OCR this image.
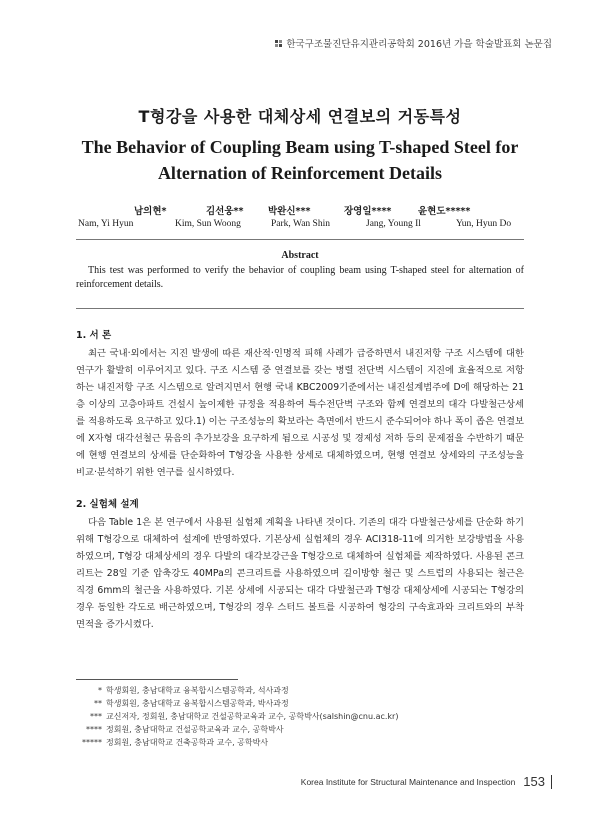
한국구조물진단유지관리공학회 2016년 가을 학술발표회 논문집
T형강을 사용한 대체상세 연결보의 거동특성
The Behavior of Coupling Beam using T-shaped Steel for
Alternation of Reinforcement Details
남의현*	김선웅**	박완신***	장영일****	윤현도*****
Nam, Yi Hyun	Kim, Sun Woong	Park, Wan Shin	Jang, Young Il	Yun, Hyun Do
Abstract

This test was performed to verify the behavior of coupling beam using T-shaped steel for alternation of reinforcement details.

1. 서 론

최근 국내·외에서는 지진 발생에 따른 재산적·인명적 피해 사례가 급증하면서 내진저항 구조 시스템에 대한 연구가 활발히 이루어지고 있다. 구조 시스템 중 연결보를 갖는 병렬 전단벽 시스템이 지진에 효율적으로 저항하는 내진저항 구조 시스템으로 알려지면서 현행 국내 KBC2009기준에서는 내진설계범주에 D에 해당하는 21층 이상의 고층아파트 건설시 높이제한 규정을 적용하여 특수전단벽 구조와 함께 연결보의 대각 다발철근상세를 적용하도록 요구하고 있다.1) 이는 구조성능의 확보라는 측면에서 반드시 준수되어야 하나 폭이 좁은 연결보에 X자형 대각선철근 묶음의 추가보강을 요구하게 됨으로 시공성 및 경제성 저하 등의 문제점을 수반하기 때문에 현행 연결보의 상세를 단순화하여 T형강을 사용한 상세로 대체하였으며, 현행 연결보 상세와의 구조성능을 비교·분석하기 위한 연구를 실시하였다.

2. 실험체 설계

다음 Table 1은 본 연구에서 사용된 실험체 계획을 나타낸 것이다. 기존의 대각 다발철근상세를 단순화 하기 위해 T형강으로 대체하여 설계에 반영하였다. 기본상세 실험체의 경우 ACI318-11에 의거한 보강방법을 사용하였으며, T형강 대체상세의 경우 다발의 대각보강근을 T형강으로 대체하여 실험체를 제작하였다. 사용된 콘크리트는 28일 기준 압축강도 40MPa의 콘크리트를 사용하였으며 길이방향 철근 및 스트럽의 사용되는 철근은 직경 6mm의 철근을 사용하였다. 기본 상세에 시공되는 대각 다발철근과 T형강 대체상세에 시공되는 T형강의 경우 동일한 각도로 배근하였으며, T형강의 경우 스터드 볼트를 시공하여 형강의 구속효과와 크리트와의 부착면적을 증가시켰다.

* 학생회원, 충남대학교 융복합시스템공학과, 석사과정
** 학생회원, 충남대학교 융복합시스템공학과, 박사과정
*** 교신저자, 정회원, 충남대학교 건설공학교육과 교수, 공학박사(salshin@cnu.ac.kr)
**** 정회원, 충남대학교 건설공학교육과 교수, 공학박사
***** 정회원, 충남대학교 건축공학과 교수, 공학박사
Korea Institute for Structural Maintenance and Inspection 153
